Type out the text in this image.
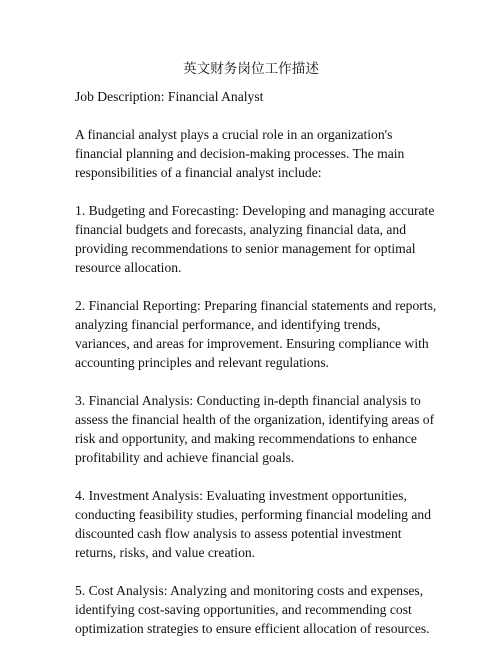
英文财务岗位工作描述

Job Description: Financial Analyst

A financial analyst plays a crucial role in an organization's financial planning and decision-making processes. The main responsibilities of a financial analyst include:

1. Budgeting and Forecasting: Developing and managing accurate financial budgets and forecasts, analyzing financial data, and providing recommendations to senior management for optimal resource allocation.

2. Financial Reporting: Preparing financial statements and reports, analyzing financial performance, and identifying trends, variances, and areas for improvement. Ensuring compliance with accounting principles and relevant regulations.

3. Financial Analysis: Conducting in-depth financial analysis to assess the financial health of the organization, identifying areas of risk and opportunity, and making recommendations to enhance profitability and achieve financial goals.

4. Investment Analysis: Evaluating investment opportunities, conducting feasibility studies, performing financial modeling and discounted cash flow analysis to assess potential investment returns, risks, and value creation.

5. Cost Analysis: Analyzing and monitoring costs and expenses, identifying cost-saving opportunities, and recommending cost optimization strategies to ensure efficient allocation of resources.
